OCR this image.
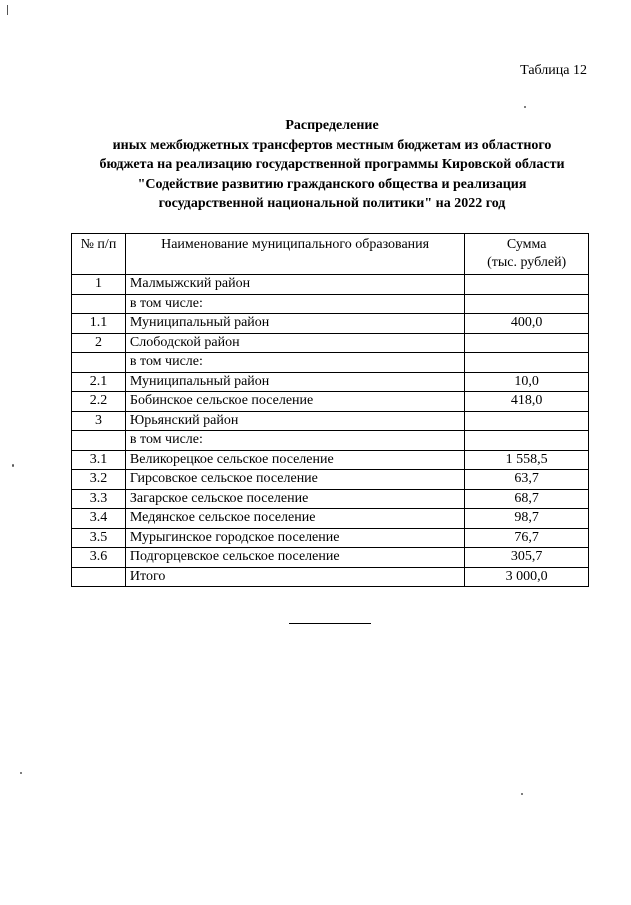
Таблица 12
Распределение
иных межбюджетных трансфертов местным бюджетам из областного
бюджета на реализацию государственной программы Кировской области
"Содействие развитию гражданского общества и реализация
государственной национальной политики" на 2022 год
№ п/п	Наименование муниципального образования	Сумма
(тыс. рублей)

1	Малмыжский район	
	в том числе:	
1.1	Муниципальный район	400,0
2	Слободской район	
	в том числе:	
2.1	Муниципальный район	10,0
2.2	Бобинское сельское поселение	418,0
3	Юрьянский район	
	в том числе:	
3.1	Великорецкое сельское поселение	1 558,5
3.2	Гирсовское сельское поселение	63,7
3.3	Загарское сельское поселение	68,7
3.4	Медянское сельское поселение	98,7
3.5	Мурыгинское городское поселение	76,7
3.6	Подгорцевское сельское поселение	305,7
	Итого	3 000,0
